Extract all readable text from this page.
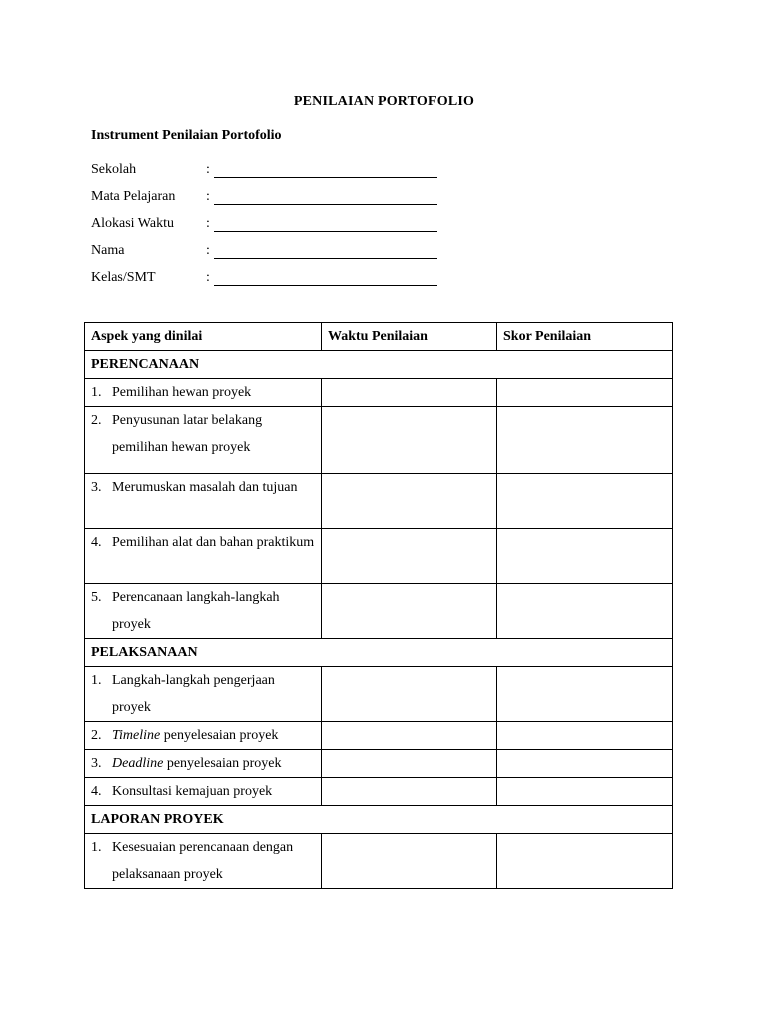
PENILAIAN PORTOFOLIO
Instrument Penilaian Portofolio
Sekolah	:
Mata Pelajaran :
Alokasi Waktu :
Nama	:
Kelas/SMT	:
Aspek yang dinilai	Waktu Penilaian	Skor Penilaian
PERENCANAAN		

1. Pemilihan hewan proyek		

2. Penyusunan latar belakang pemilihan hewan proyek		

3. Merumuskan masalah dan tujuan		

4. Pemilihan alat dan bahan praktikum		

5. Perencanaan langkah-langkah proyek		

PELAKSANAAN		

1. Langkah-langkah pengerjaan proyek		

2. Timeline penyelesaian proyek		

3. Deadline penyelesaian proyek		

4. Konsultasi kemajuan proyek		

LAPORAN PROYEK		

1. Kesesuaian perencanaan dengan pelaksanaan proyek		
